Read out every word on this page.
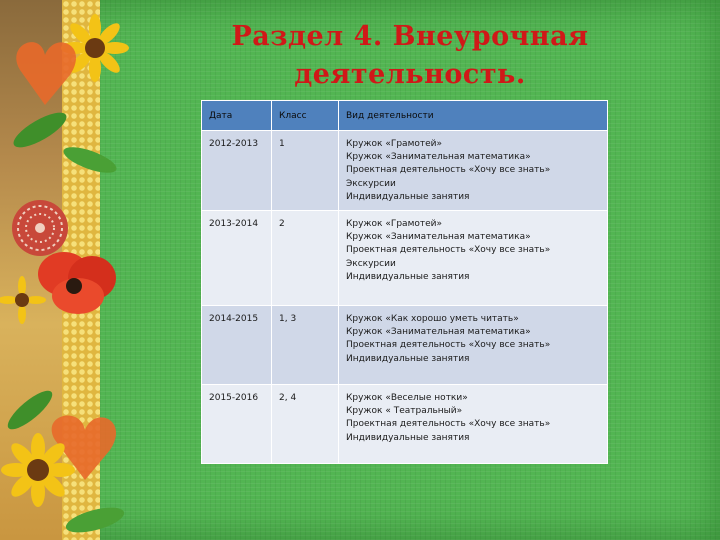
Раздел 4. Внеурочная
деятельность.
Дата	Класс	Вид деятельности
2012-2013	1	Кружок «Грамотей»
Кружок «Занимательная математика»
Проектная деятельность «Хочу все знать»
Экскурсии
Индивидуальные занятия

2013-2014	2	Кружок «Грамотей»
Кружок «Занимательная математика»
Проектная деятельность «Хочу все знать»
Экскурсии
Индивидуальные занятия

2014-2015	1, 3	Кружок «Как хорошо уметь читать»
Кружок «Занимательная математика»
Проектная деятельность «Хочу все знать»
Индивидуальные занятия

2015-2016	2, 4	Кружок «Веселые нотки»
Кружок « Театральный»
Проектная деятельность «Хочу все знать»
Индивидуальные занятия
